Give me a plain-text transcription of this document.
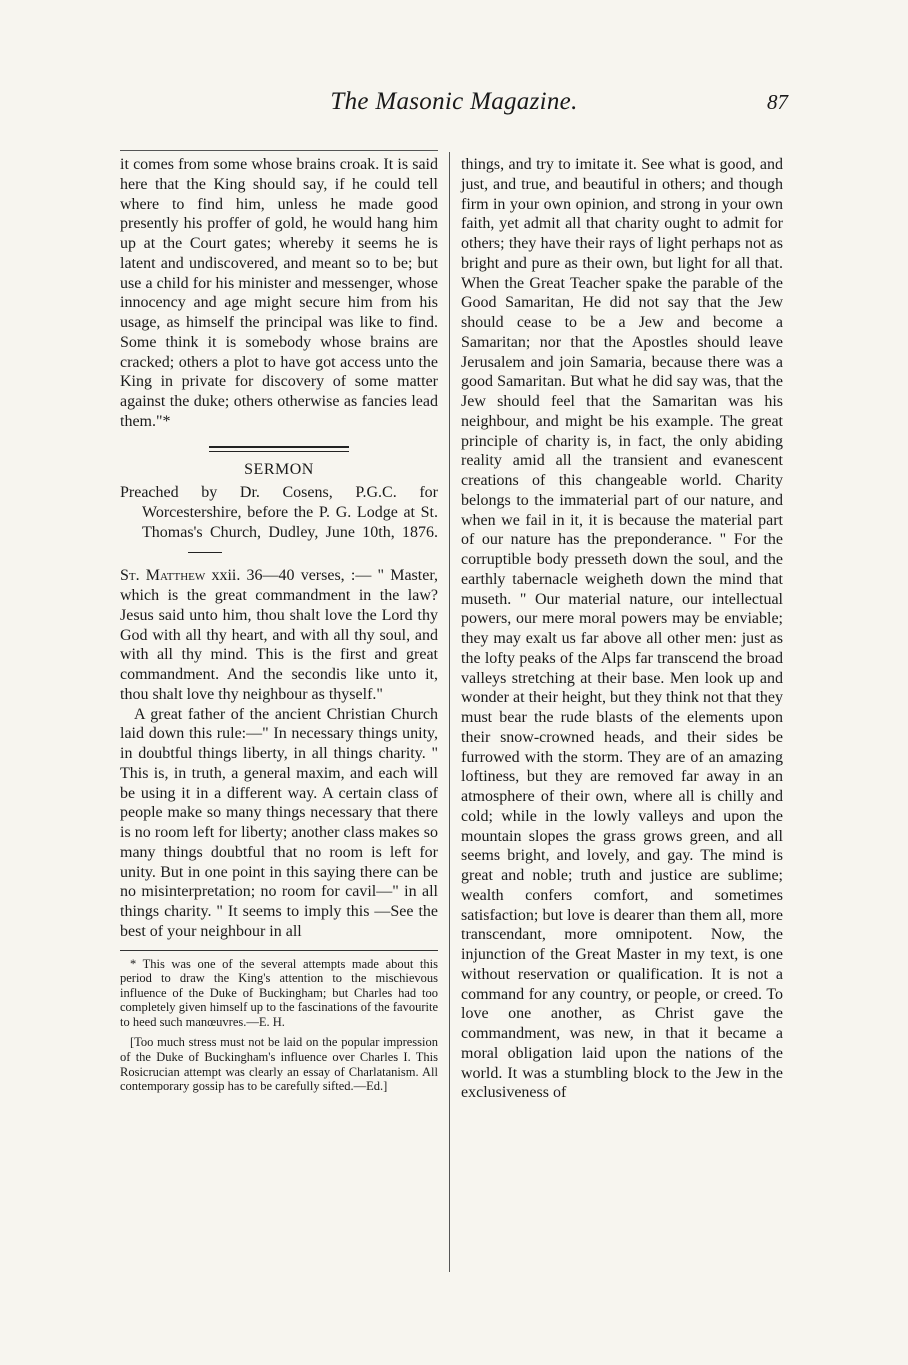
The Masonic Magazine.	87

it comes from some whose brains croak. It is said here that the King should say, if he could tell where to find him, unless he made good presently his proffer of gold, he would hang him up at the Court gates; whereby it seems he is latent and undiscovered, and meant so to be; but use a child for his minister and messenger, whose innocency and age might secure him from his usage, as himself the principal was like to find. Some think it is somebody whose brains are cracked; others a plot to have got access unto the King in private for discovery of some matter against the duke; others otherwise as fancies lead them."*

SERMON

Preached by Dr. Cosens, P.G.C. for Worcestershire, before the P. G. Lodge at St. Thomas's Church, Dudley, June 10th, 1876.

St. Matthew xxii. 36—40 verses, :— " Master, which is the great commandment in the law? Jesus said unto him, thou shalt love the Lord thy God with all thy heart, and with all thy soul, and with all thy mind. This is the first and great commandment. And the secondis like unto it, thou shalt love thy neighbour as thyself."

A great father of the ancient Christian Church laid down this rule:—" In necessary things unity, in doubtful things liberty, in all things charity. " This is, in truth, a general maxim, and each will be using it in a different way. A certain class of people make so many things necessary that there is no room left for liberty; another class makes so many things doubtful that no room is left for unity. But in one point in this saying there can be no misinterpretation; no room for cavil—" in all things charity. " It seems to imply this —See the best of your neighbour in all

* This was one of the several attempts made about this period to draw the King's attention to the mischievous influence of the Duke of Buckingham; but Charles had too completely given himself up to the fascinations of the favourite to heed such manœuvres.—E. H.

[Too much stress must not be laid on the popular impression of the Duke of Buckingham's influence over Charles I. This Rosicrucian attempt was clearly an essay of Charlatanism. All contemporary gossip has to be carefully sifted.—Ed.]

things, and try to imitate it. See what is good, and just, and true, and beautiful in others; and though firm in your own opinion, and strong in your own faith, yet admit all that charity ought to admit for others; they have their rays of light perhaps not as bright and pure as their own, but light for all that. When the Great Teacher spake the parable of the Good Samaritan, He did not say that the Jew should cease to be a Jew and become a Samaritan; nor that the Apostles should leave Jerusalem and join Samaria, because there was a good Samaritan. But what he did say was, that the Jew should feel that the Samaritan was his neighbour, and might be his example. The great principle of charity is, in fact, the only abiding reality amid all the transient and evanescent creations of this changeable world. Charity belongs to the immaterial part of our nature, and when we fail in it, it is because the material part of our nature has the preponderance. " For the corruptible body presseth down the soul, and the earthly tabernacle weigheth down the mind that museth. " Our material nature, our intellectual powers, our mere moral powers may be enviable; they may exalt us far above all other men: just as the lofty peaks of the Alps far transcend the broad valleys stretching at their base. Men look up and wonder at their height, but they think not that they must bear the rude blasts of the elements upon their snow-crowned heads, and their sides be furrowed with the storm. They are of an amazing loftiness, but they are removed far away in an atmosphere of their own, where all is chilly and cold; while in the lowly valleys and upon the mountain slopes the grass grows green, and all seems bright, and lovely, and gay. The mind is great and noble; truth and justice are sublime; wealth confers comfort, and sometimes satisfaction; but love is dearer than them all, more transcendant, more omnipotent. Now, the injunction of the Great Master in my text, is one without reservation or qualification. It is not a command for any country, or people, or creed. To love one another, as Christ gave the commandment, was new, in that it became a moral obligation laid upon the nations of the world. It was a stumbling block to the Jew in the exclusiveness of
